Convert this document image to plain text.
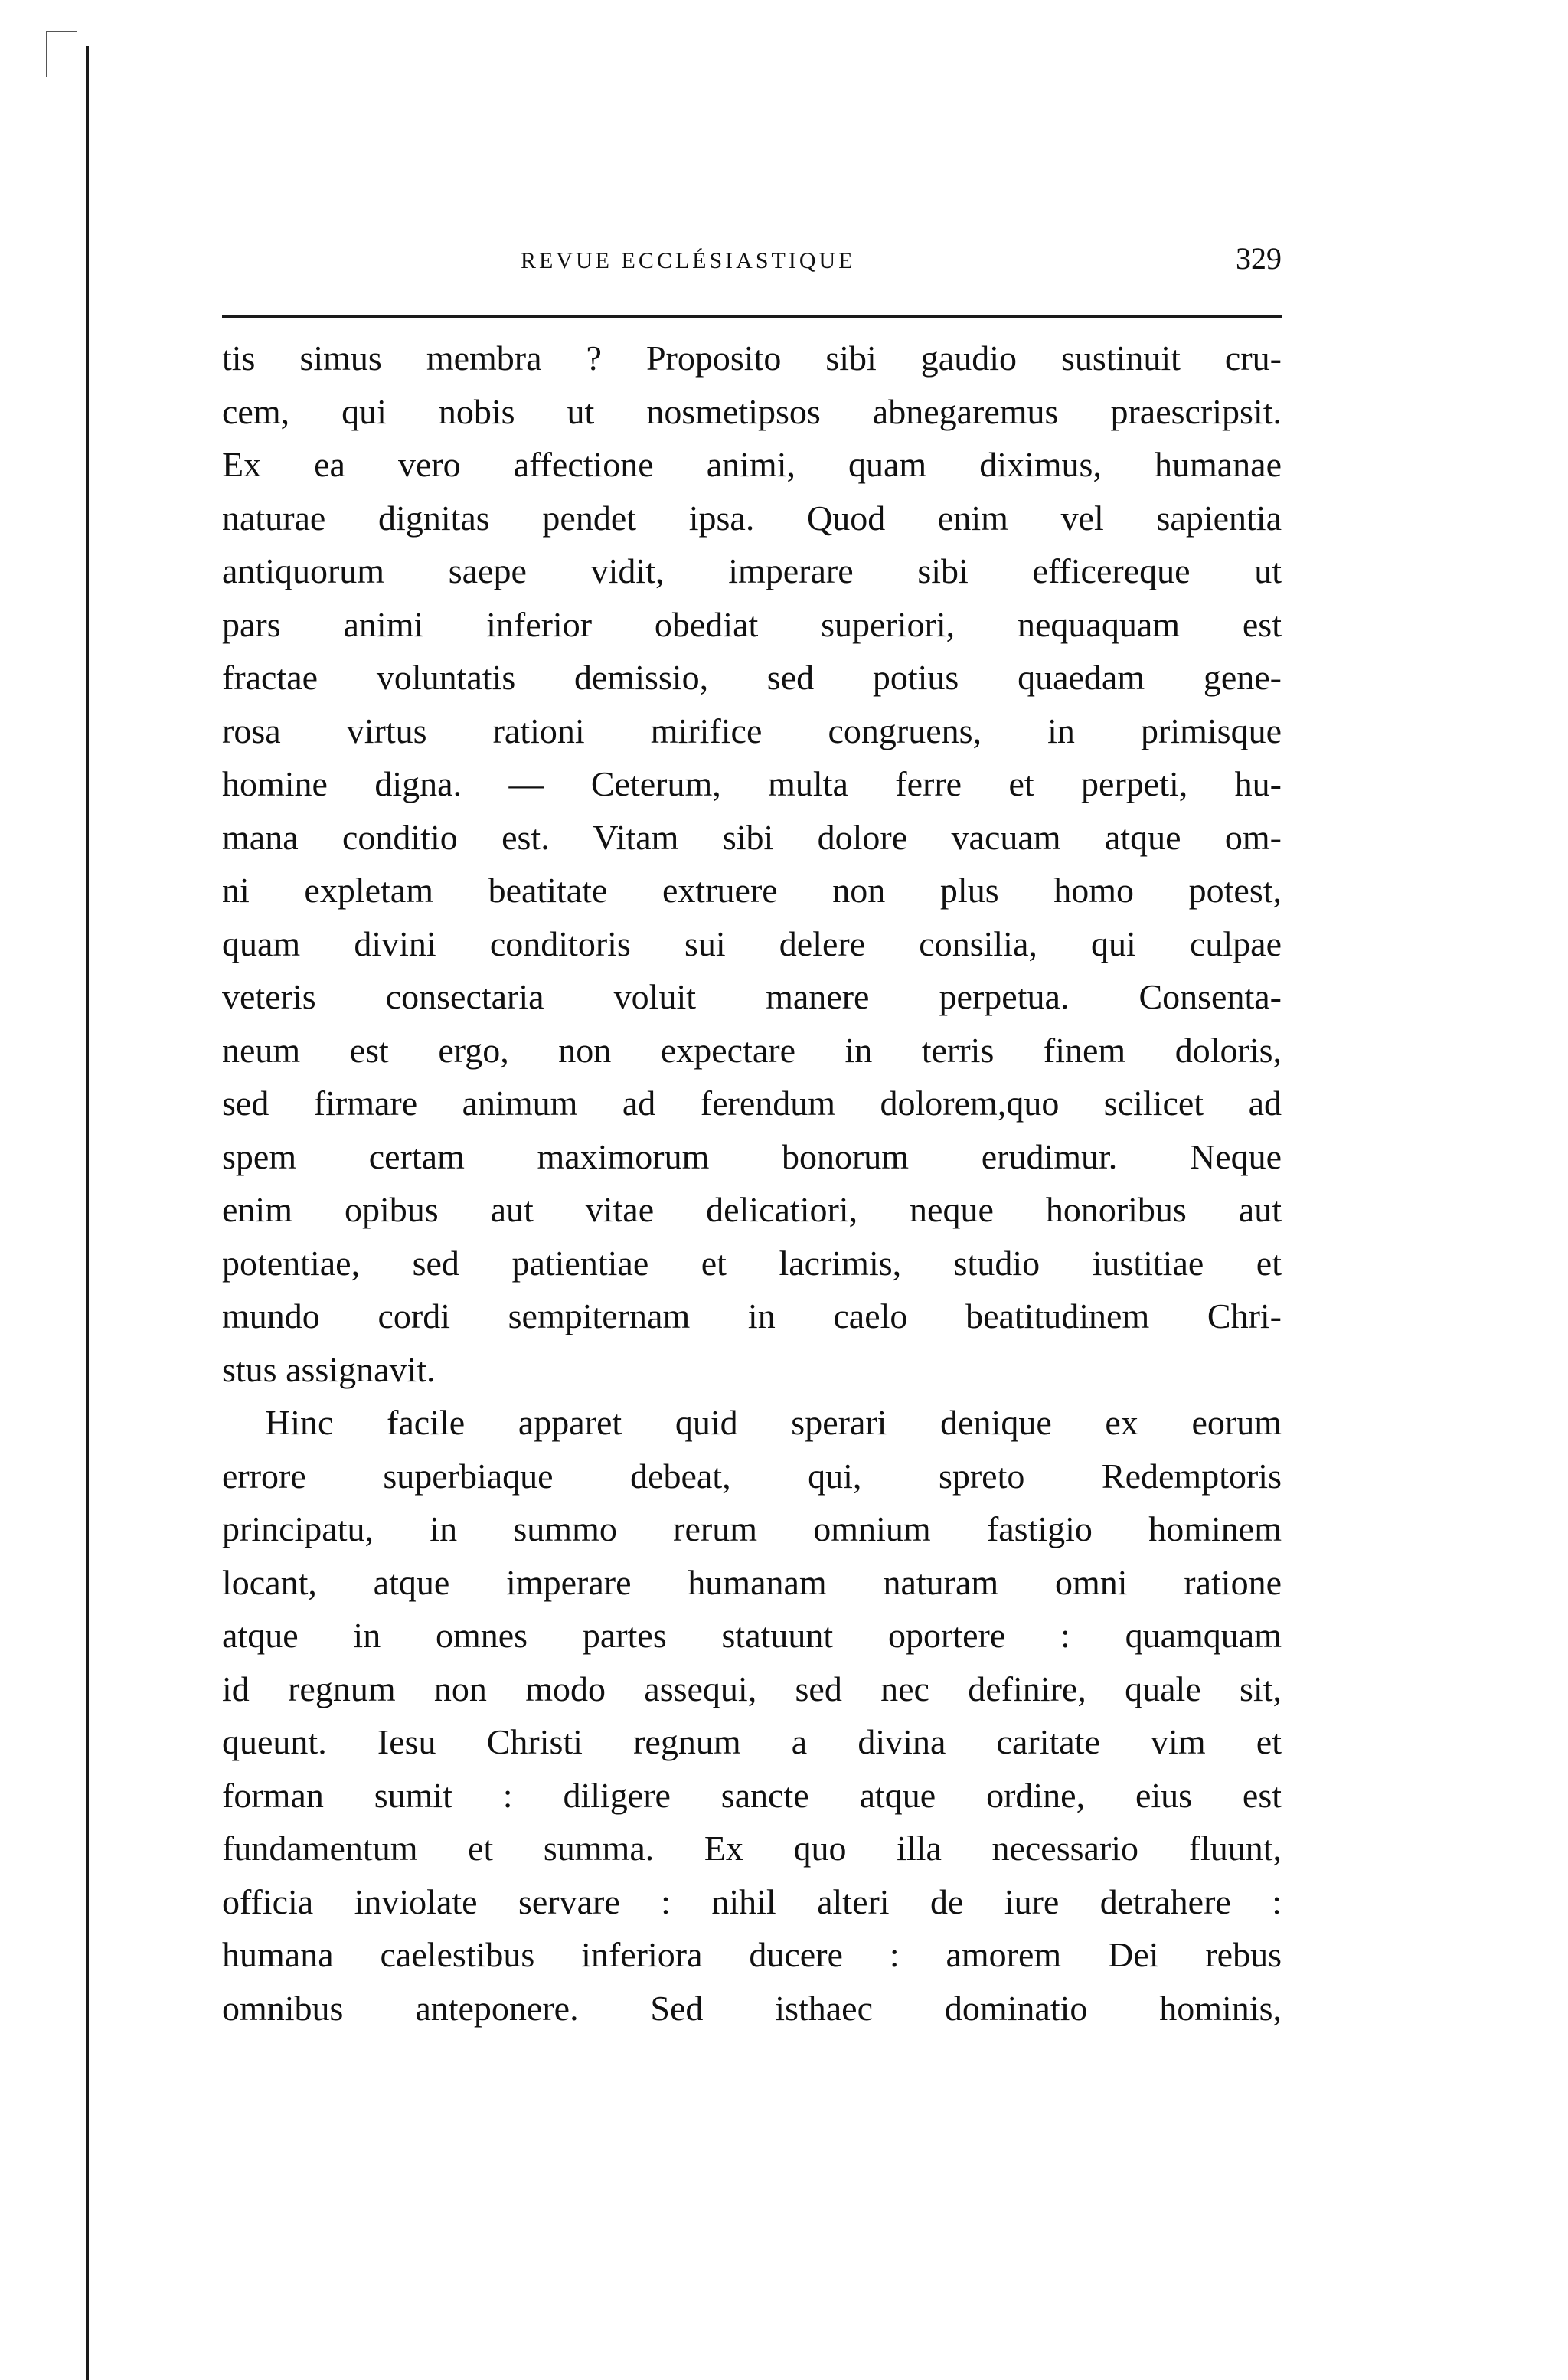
REVUE ECCLÉSIASTIQUE	329
tis simus membra ? Proposito sibi gaudio sustinuit cru-
cem, qui nobis ut nosmetipsos abnegaremus praescripsit.
Ex ea vero affectione animi, quam diximus, humanae
naturae dignitas pendet ipsa. Quod enim vel sapientia
antiquorum saepe vidit, imperare sibi efficereque ut
pars animi inferior obediat superiori, nequaquam est
fractae voluntatis demissio, sed potius quaedam gene-
rosa virtus rationi mirifice congruens, in primisque
homine digna. — Ceterum, multa ferre et perpeti, hu-
mana conditio est. Vitam sibi dolore vacuam atque om-
ni expletam beatitate extruere non plus homo potest,
quam divini conditoris sui delere consilia, qui culpae
veteris consectaria voluit manere perpetua. Consenta-
neum est ergo, non expectare in terris finem doloris,
sed firmare animum ad ferendum dolorem,quo scilicet ad
spem certam maximorum bonorum erudimur. Neque
enim opibus aut vitae delicatiori, neque honoribus aut
potentiae, sed patientiae et lacrimis, studio iustitiae et
mundo cordi sempiternam in caelo beatitudinem Chri-
stus assignavit.
Hinc facile apparet quid sperari denique ex eorum
errore superbiaque debeat, qui, spreto Redemptoris
principatu, in summo rerum omnium fastigio hominem
locant, atque imperare humanam naturam omni ratione
atque in omnes partes statuunt oportere : quamquam
id regnum non modo assequi, sed nec definire, quale sit,
queunt. Iesu Christi regnum a divina caritate vim et
forman sumit : diligere sancte atque ordine, eius est
fundamentum et summa. Ex quo illa necessario fluunt,
officia inviolate servare : nihil alteri de iure detrahere :
humana caelestibus inferiora ducere : amorem Dei rebus
omnibus anteponere. Sed isthaec dominatio hominis,
